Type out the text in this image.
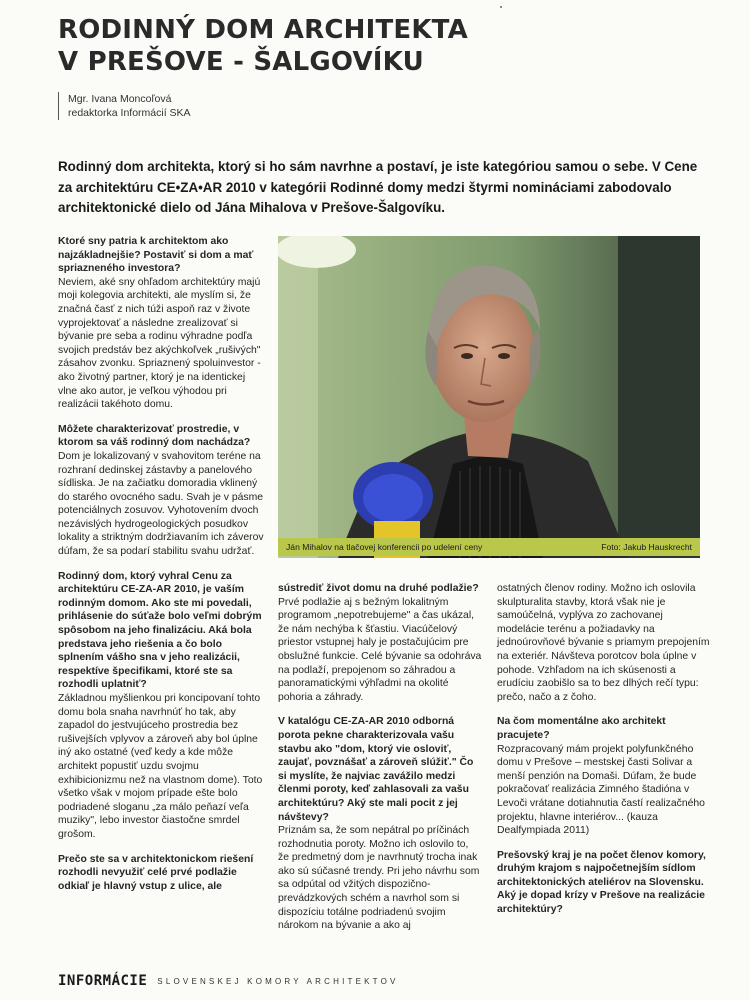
RODINNÝ DOM ARCHITEKTA V PREŠOVE - ŠALGOVÍKU
Mgr. Ivana Moncoľová
redaktorka Informácií SKA

Rodinný dom architekta, ktorý si ho sám navrhne a postaví, je iste kategóriou samou o sebe. V Cene za architektúru CE•ZA•AR 2010 v kategórii Rodinné domy medzi štyrmi nomináciami zabodovalo architektonické dielo od Jána Mihalova v Prešove-Šalgovíku.

Ktoré sny patria k architektom ako najzákladnejšie? Postaviť si dom a mať spriazneného investora?

Neviem, aké sny ohľadom architektúry majú moji kolegovia architekti, ale myslím si, že značná časť z nich túži aspoň raz v živote vyprojektovať a následne zrealizovať si bývanie pre seba a rodinu výhradne podľa svojich predstáv bez akýchkoľvek „rušivých" zásahov zvonku. Spriaznený spoluinvestor - ako životný partner, ktorý je na identickej vlne ako autor, je veľkou výhodou pri realizácii takéhoto domu.

Môžete charakterizovať prostredie, v ktorom sa váš rodinný dom nachádza?

Dom je lokalizovaný v svahovitom teréne na rozhraní dedinskej zástavby a panelového sídliska. Je na začiatku domoradia vklinený do starého ovocného sadu. Svah je v pásme potenciálnych zosuvov. Vyhotovením dvoch nezávislých hydrogeologických posudkov lokality a striktným dodržiavaním ich záverov dúfam, že sa podarí stabilitu svahu udržať.

Rodinný dom, ktorý vyhral Cenu za architektúru CE-ZA-AR 2010, je vaším rodinným domom. Ako ste mi povedali, prihlásenie do súťaže bolo veľmi dobrým spôsobom na jeho finalizáciu. Aká bola predstava jeho riešenia a čo bolo splnením vášho sna v jeho realizácii, respektíve špecifikami, ktoré ste sa rozhodli uplatniť?

Základnou myšlienkou pri koncipovaní tohto domu bola snaha navrhnúť ho tak, aby zapadol do jestvujúceho prostredia bez rušivejších vplyvov a zároveň aby bol úplne iný ako ostatné (veď kedy a kde môže architekt popustiť uzdu svojmu exhibicionizmu než na vlastnom dome). Toto všetko však v mojom prípade ešte bolo podriadené sloganu „za málo peňazí veľa muziky", lebo investor čiastočne smrdel grošom.

Prečo ste sa v architektonickom riešení rozhodli nevyužiť celé prvé podlažie odkiaľ je hlavný vstup z ulice, ale

Ján Mihalov na tlačovej konferencii po udelení ceny	Foto: Jakub Hauskrecht

sústrediť život domu na druhé podlažie?

Prvé podlažie aj s bežným lokalitným programom „nepotrebujeme" a čas ukázal, že nám nechýba k šťastiu. Viacúčelový priestor vstupnej haly je postačujúcim pre obslužné funkcie. Celé bývanie sa odohráva na podlaží, prepojenom so záhradou a panoramatickými výhľadmi na okolité pohoria a záhrady.

V katalógu CE-ZA-AR 2010 odborná porota pekne charakterizovala vašu stavbu ako "dom, ktorý vie osloviť, zaujať, povznášať a zároveň slúžiť." Čo si myslíte, že najviac zavážilo medzi členmi poroty, keď zahlasovali za vašu architektúru? Aký ste mali pocit z jej návštevy?

Priznám sa, že som nepátral po príčinách rozhodnutia poroty. Možno ich oslovilo to, že predmetný dom je navrhnutý trocha inak ako sú súčasné trendy. Pri jeho návrhu som sa odpútal od vžitých dispozično-prevádzkových schém a navrhol som si dispozíciu totálne podriadenú svojim nárokom na bývanie a ako aj

ostatných členov rodiny. Možno ich oslovila skulpturalita stavby, ktorá však nie je samoúčelná, vyplýva zo zachovanej modelácie terénu a požiadavky na jednoúrovňové bývanie s priamym prepojením na exteriér. Návšteva porotcov bola úplne v pohode. Vzhľadom na ich skúsenosti a erudíciu zaobišlo sa to bez dlhých rečí typu: prečo, načo a z čoho.

Na čom momentálne ako architekt pracujete?

Rozpracovaný mám projekt polyfunkčného domu v Prešove – mestskej časti Solivar a menší penzión na Domaši. Dúfam, že bude pokračovať realizácia Zimného štadióna v Levoči vrátane dotiahnutia častí realizačného projektu, hlavne interiérov... (kauza Dealfympiada 2011)

Prešovský kraj je na počet členov komory, druhým krajom s najpočetnejším sídlom architektonických ateliérov na Slovensku. Aký je dopad krízy v Prešove na realizácie architektúry?

INFORMÁCIE SLOVENSKEJ KOMORY ARCHITEKTOV
